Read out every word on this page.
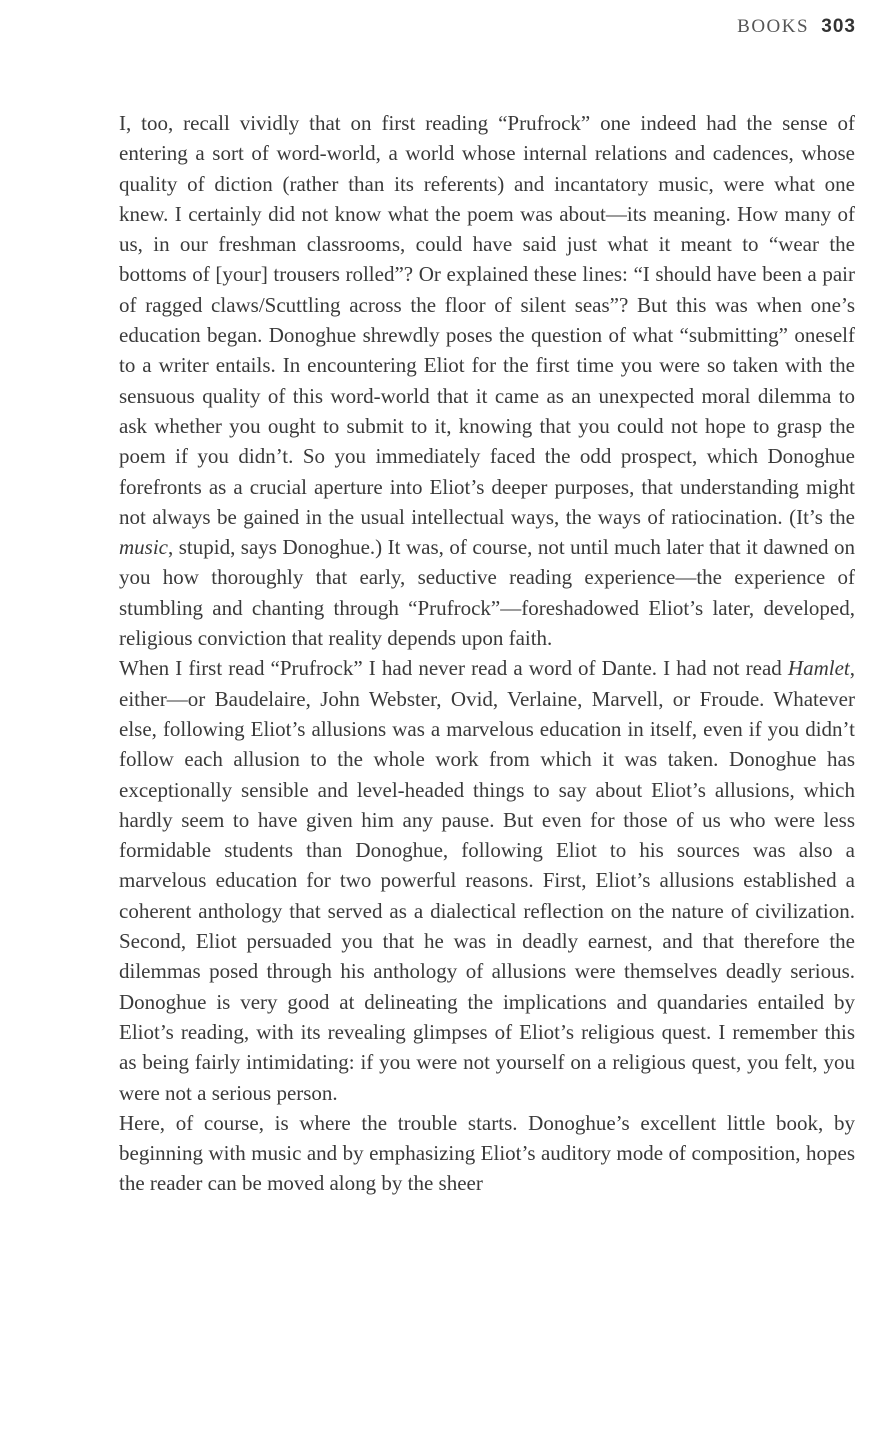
BOOKS 303

I, too, recall vividly that on first reading “Prufrock” one indeed had the sense of entering a sort of word-world, a world whose internal relations and cadences, whose quality of diction (rather than its referents) and incantatory music, were what one knew. I certainly did not know what the poem was about—its meaning. How many of us, in our freshman classrooms, could have said just what it meant to “wear the bottoms of [your] trousers rolled”? Or explained these lines: “I should have been a pair of ragged claws/Scuttling across the floor of silent seas”? But this was when one’s education began. Donoghue shrewdly poses the question of what “submitting” oneself to a writer entails. In encountering Eliot for the first time you were so taken with the sensuous quality of this word-world that it came as an unexpected moral dilemma to ask whether you ought to submit to it, knowing that you could not hope to grasp the poem if you didn’t. So you immediately faced the odd prospect, which Donoghue forefronts as a crucial aperture into Eliot’s deeper purposes, that understanding might not always be gained in the usual intellectual ways, the ways of ratiocination. (It’s the music, stupid, says Donoghue.) It was, of course, not until much later that it dawned on you how thoroughly that early, seductive reading experience—the experience of stumbling and chanting through “Prufrock”—foreshadowed Eliot’s later, developed, religious conviction that reality depends upon faith.

When I first read “Prufrock” I had never read a word of Dante. I had not read Hamlet, either—or Baudelaire, John Webster, Ovid, Verlaine, Marvell, or Froude. Whatever else, following Eliot’s allusions was a marvelous education in itself, even if you didn’t follow each allusion to the whole work from which it was taken. Donoghue has exceptionally sensible and level-headed things to say about Eliot’s allusions, which hardly seem to have given him any pause. But even for those of us who were less formidable students than Donoghue, following Eliot to his sources was also a marvelous education for two powerful reasons. First, Eliot’s allusions established a coherent anthology that served as a dialectical reflection on the nature of civilization. Second, Eliot persuaded you that he was in deadly earnest, and that therefore the dilemmas posed through his anthology of allusions were themselves deadly serious. Donoghue is very good at delineating the implications and quandaries entailed by Eliot’s reading, with its revealing glimpses of Eliot’s religious quest. I remember this as being fairly intimidating: if you were not yourself on a religious quest, you felt, you were not a serious person.

Here, of course, is where the trouble starts. Donoghue’s excellent little book, by beginning with music and by emphasizing Eliot’s auditory mode of composition, hopes the reader can be moved along by the sheer
